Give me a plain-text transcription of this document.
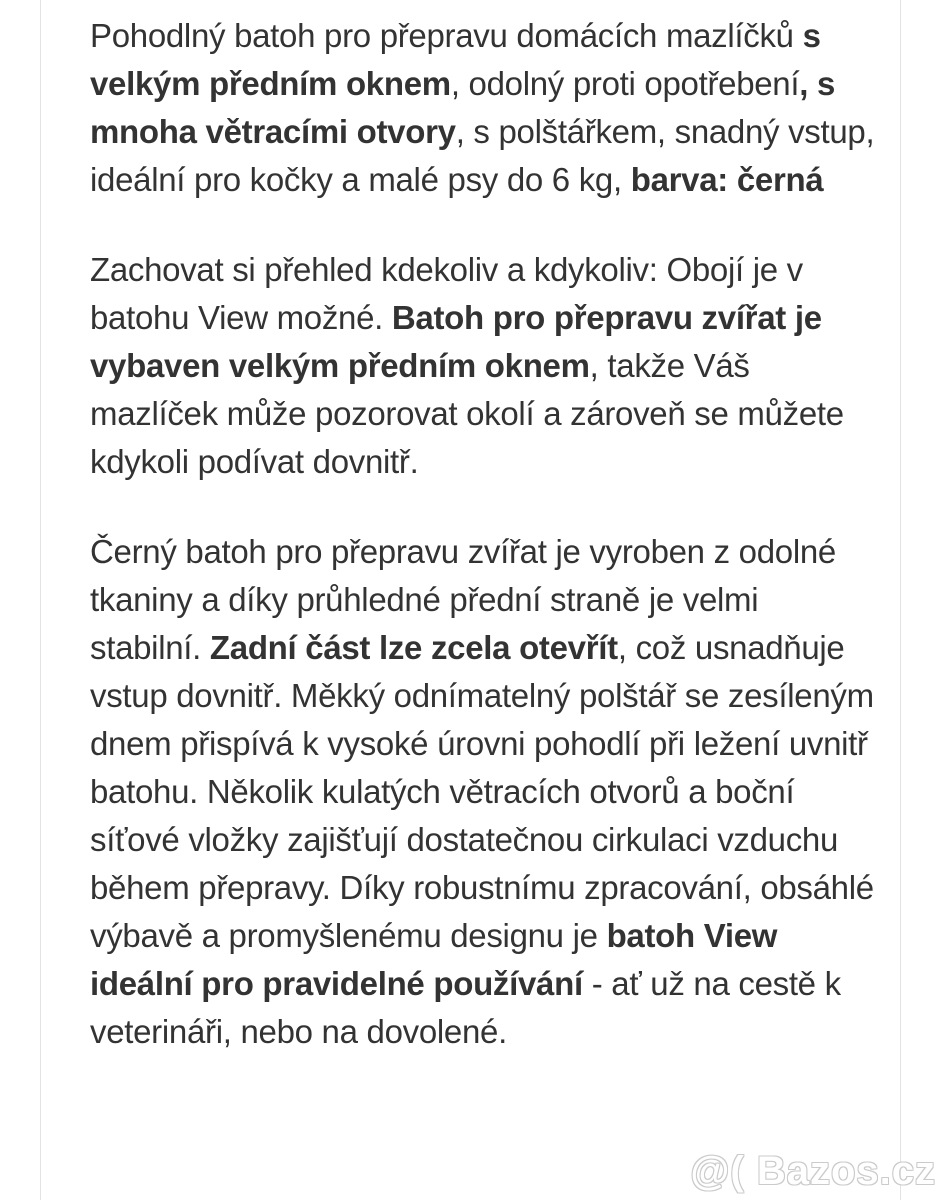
Pohodlný batoh pro přepravu domácích mazlíčků s velkým předním oknem, odolný proti opotřebení, s mnoha větracími otvory, s polštářkem, snadný vstup, ideální pro kočky a malé psy do 6 kg, barva: černá

Zachovat si přehled kdekoliv a kdykoliv: Obojí je v batohu View možné. Batoh pro přepravu zvířat je vybaven velkým předním oknem, takže Váš mazlíček může pozorovat okolí a zároveň se můžete kdykoli podívat dovnitř.

Černý batoh pro přepravu zvířat je vyroben z odolné tkaniny a díky průhledné přední straně je velmi stabilní. Zadní část lze zcela otevřít, což usnadňuje vstup dovnitř. Měkký odnímatelný polštář se zesíleným dnem přispívá k vysoké úrovni pohodlí při ležení uvnitř batohu. Několik kulatých větracích otvorů a boční síťové vložky zajišťují dostatečnou cirkulaci vzduchu během přepravy. Díky robustnímu zpracování, obsáhlé výbavě a promyšlenému designu je batoh View ideální pro pravidelné používání - ať už na cestě k veterináři, nebo na dovolené.

@( Bazos.cz
